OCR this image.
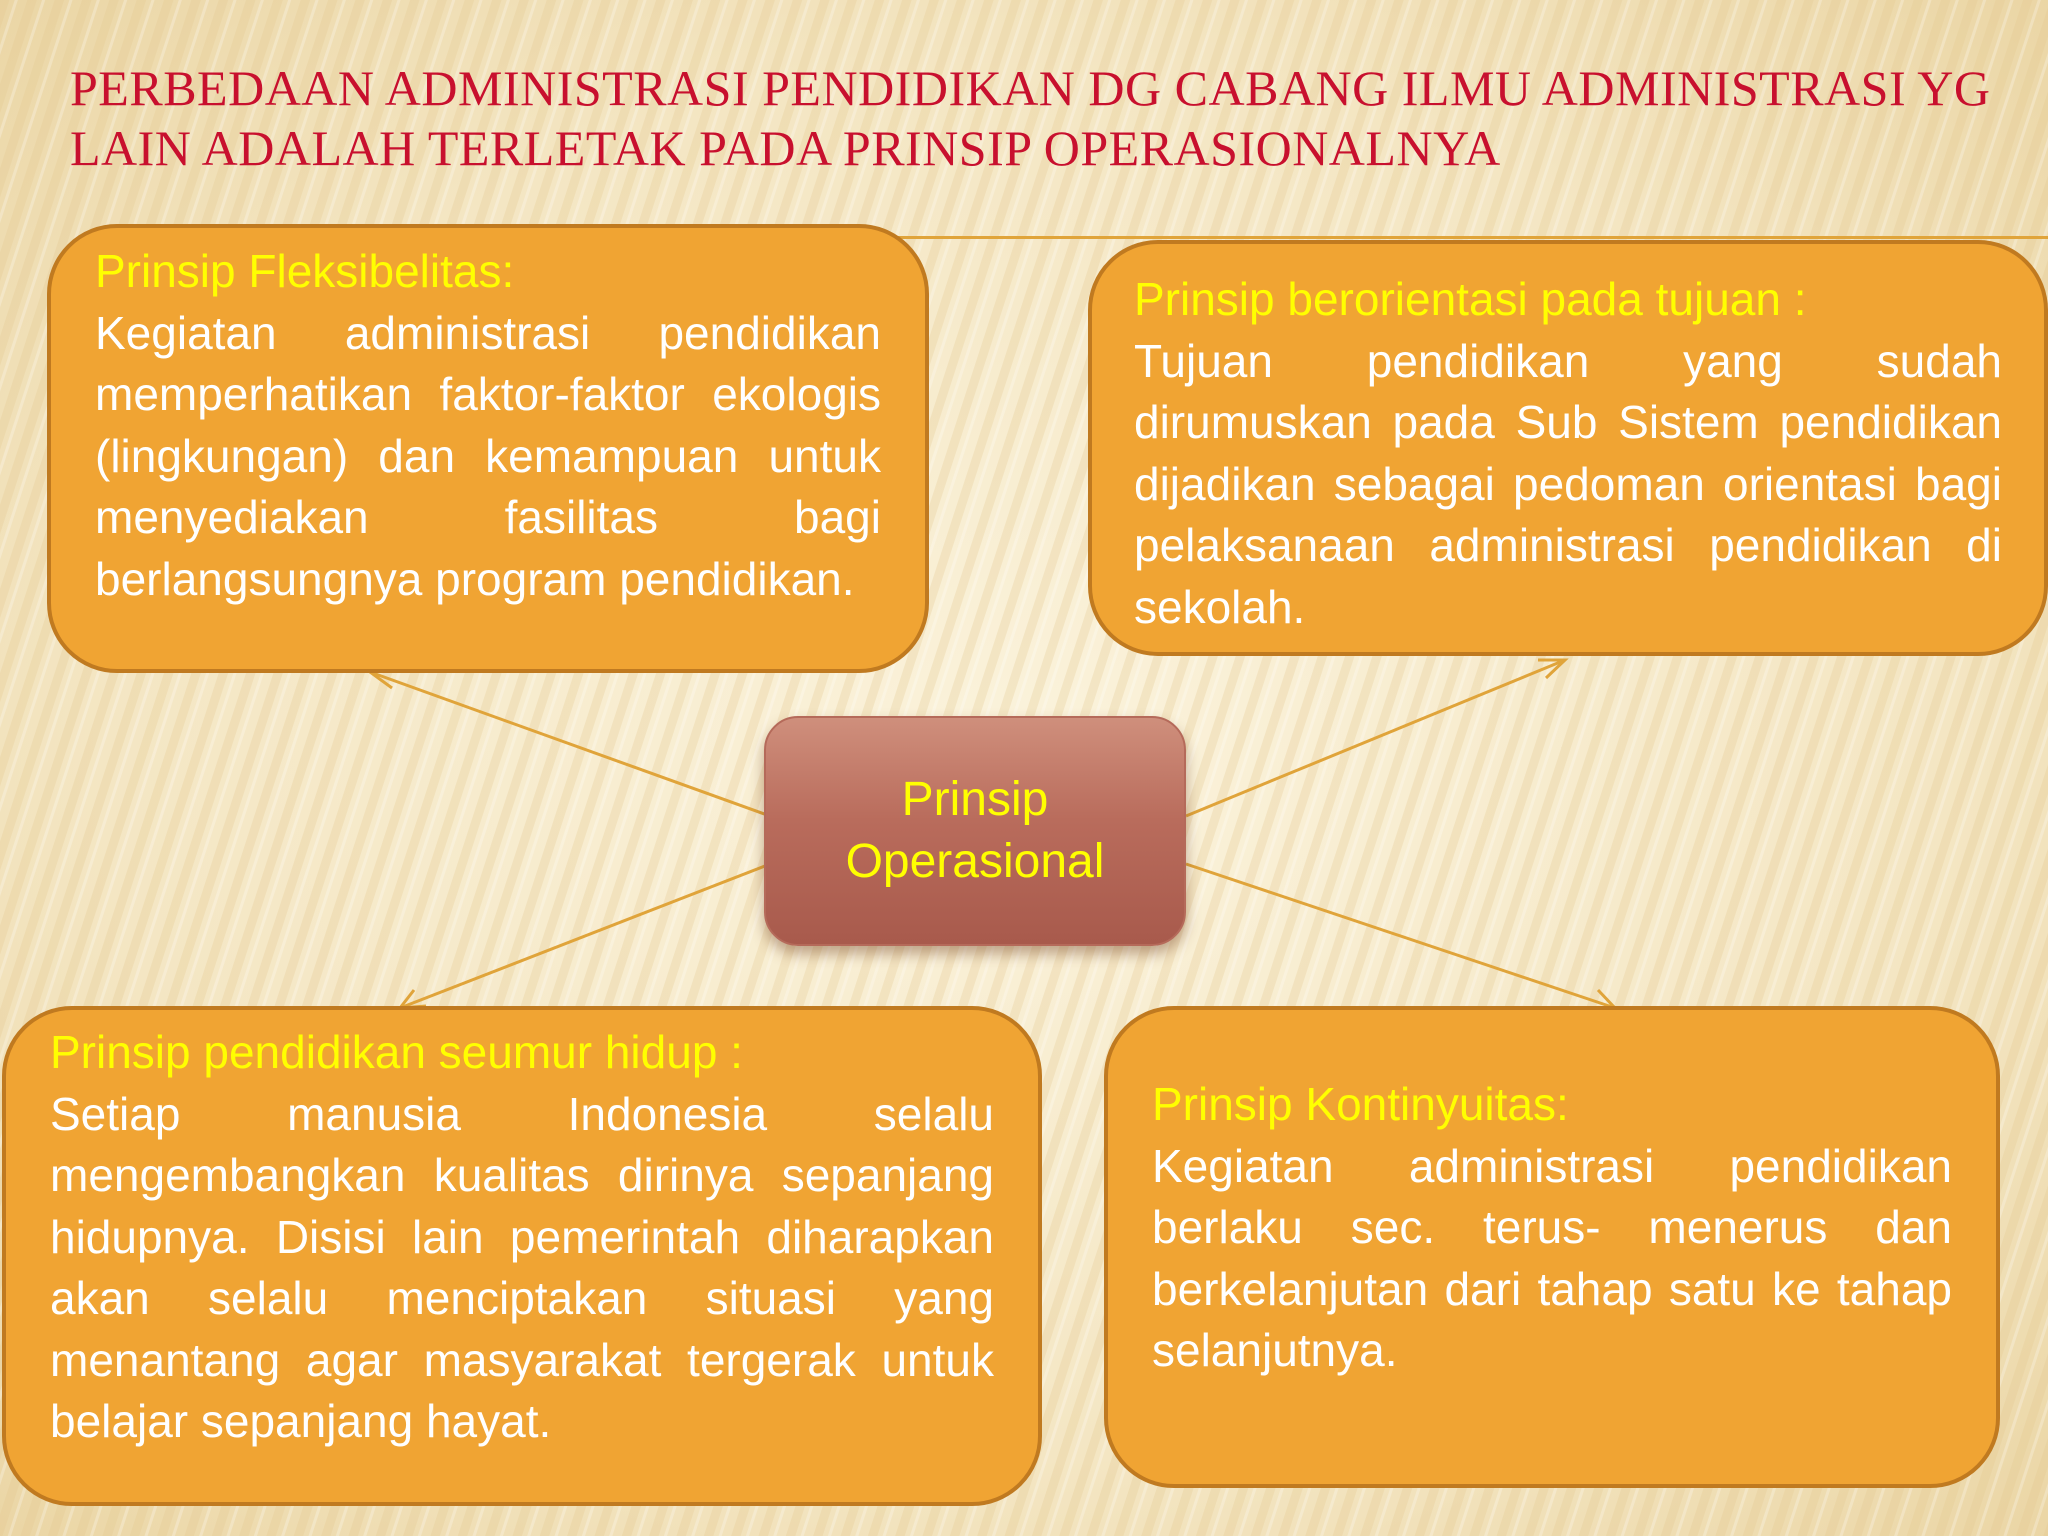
PERBEDAAN ADMINISTRASI PENDIDIKAN DG CABANG ILMU ADMINISTRASI YG LAIN ADALAH TERLETAK PADA PRINSIP OPERASIONALNYA
Prinsip Fleksibelitas:
Kegiatan administrasi pendidikan memperhatikan faktor-faktor ekologis (lingkungan) dan kemampuan untuk menyediakan fasilitas bagi berlangsungnya program pendidikan.
Prinsip berorientasi pada tujuan :
Tujuan pendidikan yang sudah dirumuskan pada Sub Sistem pendidikan dijadikan sebagai pedoman orientasi bagi pelaksanaan administrasi pendidikan di sekolah.
Prinsip pendidikan seumur hidup :
Setiap manusia Indonesia selalu mengembangkan kualitas dirinya sepanjang hidupnya. Disisi lain pemerintah diharapkan akan selalu menciptakan situasi yang menantang agar masyarakat tergerak untuk belajar sepanjang hayat.
Prinsip Kontinyuitas:
Kegiatan administrasi pendidikan berlaku sec. terus- menerus dan berkelanjutan dari tahap satu ke tahap selanjutnya.
Prinsip
Operasional
